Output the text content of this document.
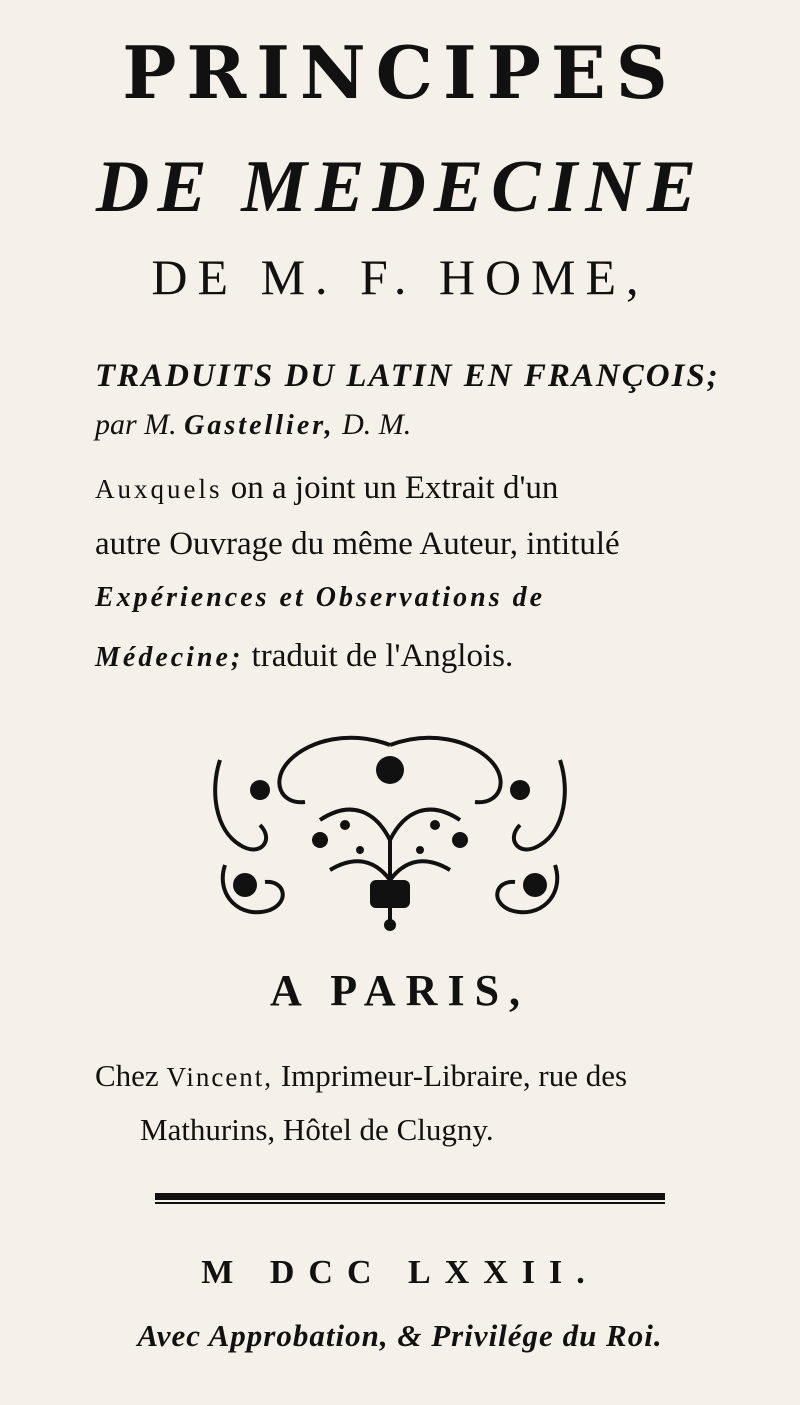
PRINCIPES
DE MEDECINE
DE M. F. HOME,
TRADUITS DU LATIN EN FRANÇOIS;
par M. Gastellier, D. M.
Auxquels on a joint un Extrait d'un
autre Ouvrage du même Auteur, intitulé
Expériences et Observations de
Médecine; traduit de l'Anglois.
A PARIS,
Chez Vincent, Imprimeur-Libraire, rue des
Mathurins, Hôtel de Clugny.
M DCC LXXII.
Avec Approbation, & Privilége du Roi.
